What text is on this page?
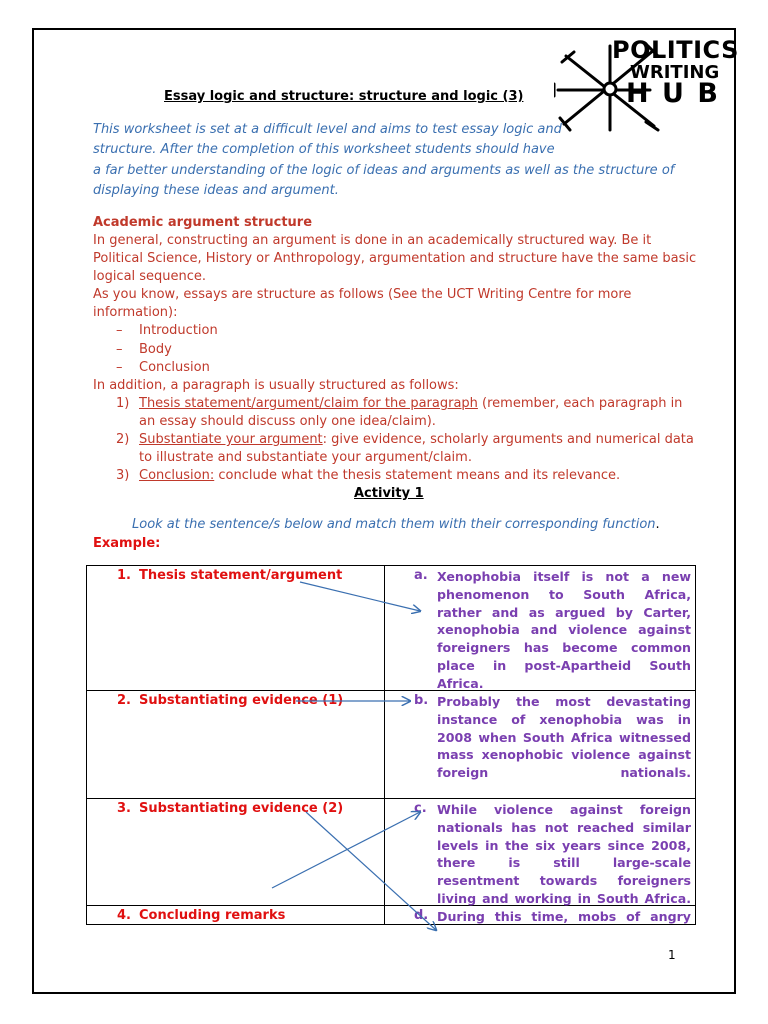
POLITICS
WRITING
H U B
Essay logic and structure: structure and logic (3)
This worksheet is set at a difficult level and aims to test essay logic and
structure. After the completion of this worksheet students should have
a far better understanding of the logic of ideas and arguments as well as the structure of
displaying these ideas and argument.
Academic argument structure
In general, constructing an argument is done in an academically structured way. Be it
Political Science, History or Anthropology, argumentation and structure have the same basic
logical sequence.
As you know, essays are structure as follows (See the UCT Writing Centre for more
information):
– Introduction
– Body
– Conclusion
In addition, a paragraph is usually structured as follows:
1) Thesis statement/argument/claim for the paragraph (remember, each paragraph in
an essay should discuss only one idea/claim).
2) Substantiate your argument: give evidence, scholarly arguments and numerical data
to illustrate and substantiate your argument/claim.
3) Conclusion: conclude what the thesis statement means and its relevance.
Activity 1
Look at the sentence/s below and match them with their corresponding function.
Example:
1. Thesis statement/argument	a. Xenophobia itself is not a new phenomenon to South Africa, rather and as argued by Carter, xenophobia and violence against foreigners has become common place in post-Apartheid South Africa.

2. Substantiating evidence (1)	b. Probably the most devastating instance of xenophobia was in 2008 when South Africa witnessed mass xenophobic violence against foreign nationals.

3. Substantiating evidence (2)	c. While violence against foreign nationals has not reached similar levels in the six years since 2008, there is still large-scale resentment towards foreigners living and working in South Africa.

4. Concluding remarks	d. During this time, mobs of angry
1
